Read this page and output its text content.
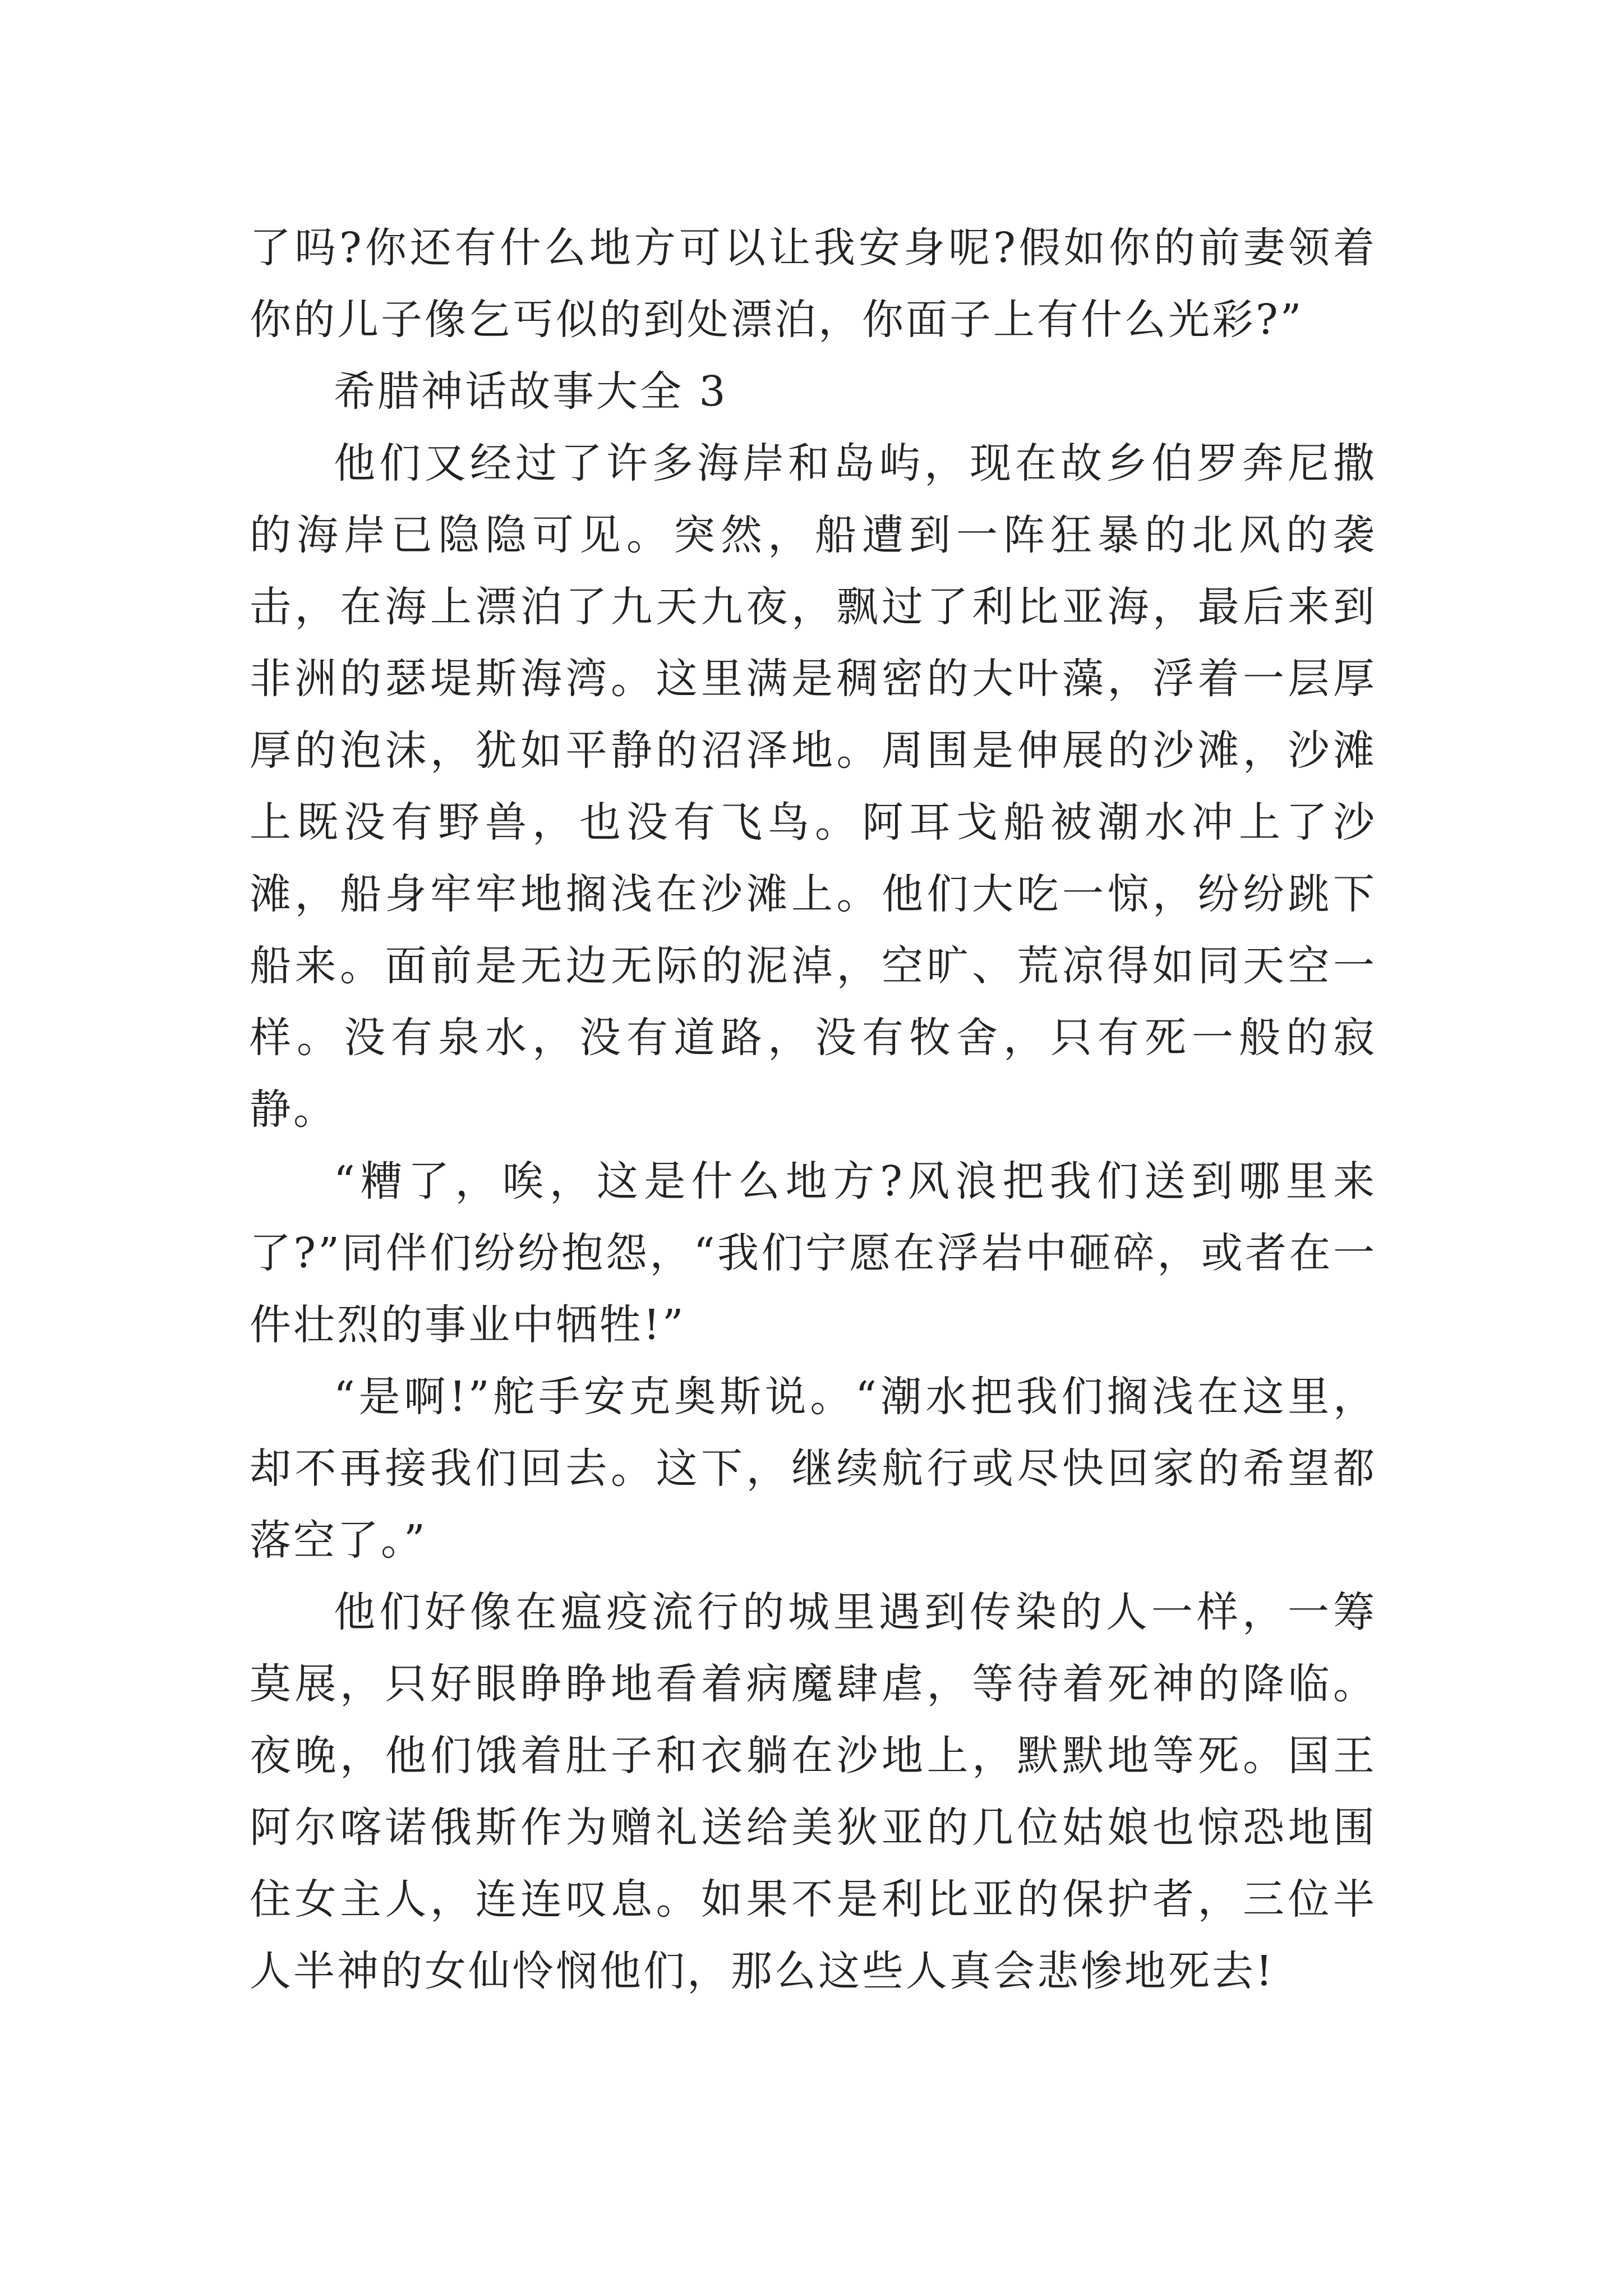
了吗?你还有什么地方可以让我安身呢?假如你的前妻领着你的儿子像乞丐似的到处漂泊，你面子上有什么光彩?”

希腊神话故事大全 3

他们又经过了许多海岸和岛屿，现在故乡伯罗奔尼撒的海岸已隐隐可见。突然，船遭到一阵狂暴的北风的袭击，在海上漂泊了九天九夜，飘过了利比亚海，最后来到非洲的瑟堤斯海湾。这里满是稠密的大叶藻，浮着一层厚厚的泡沫，犹如平静的沼泽地。周围是伸展的沙滩，沙滩上既没有野兽，也没有飞鸟。阿耳戈船被潮水冲上了沙滩，船身牢牢地搁浅在沙滩上。他们大吃一惊，纷纷跳下船来。面前是无边无际的泥淖，空旷、荒凉得如同天空一样。没有泉水，没有道路，没有牧舍，只有死一般的寂静。

“糟了，唉，这是什么地方?风浪把我们送到哪里来了?”同伴们纷纷抱怨，“我们宁愿在浮岩中砸碎，或者在一件壮烈的事业中牺牲!”

“是啊!”舵手安克奥斯说。“潮水把我们搁浅在这里，却不再接我们回去。这下，继续航行或尽快回家的希望都落空了。”

他们好像在瘟疫流行的城里遇到传染的人一样，一筹莫展，只好眼睁睁地看着病魔肆虐，等待着死神的降临。夜晚，他们饿着肚子和衣躺在沙地上，默默地等死。国王阿尔喀诺俄斯作为赠礼送给美狄亚的几位姑娘也惊恐地围住女主人，连连叹息。如果不是利比亚的保护者，三位半人半神的女仙怜悯他们，那么这些人真会悲惨地死去!
